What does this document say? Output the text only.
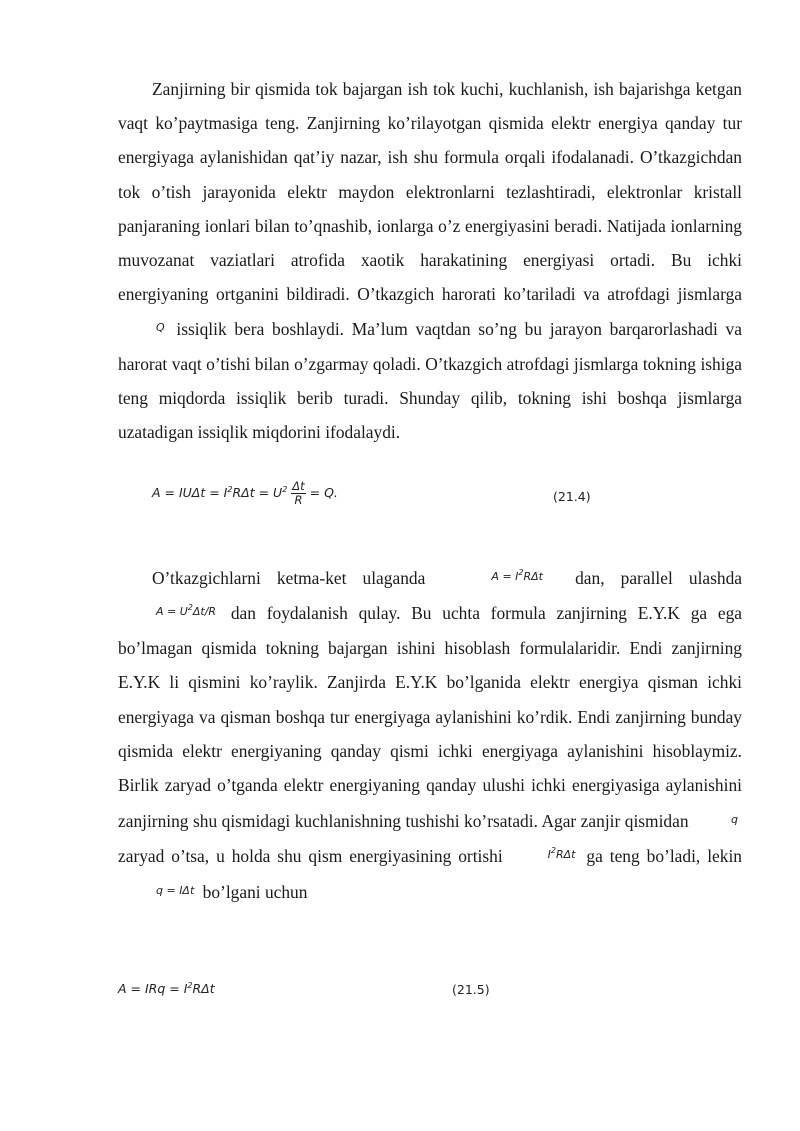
Zanjirning bir qismida tok bajargan ish tok kuchi, kuchlanish, ish bajarishga ketgan vaqt ko’paytmasiga teng. Zanjirning ko’rilayotgan qismida elektr energiya qanday tur energiyaga aylanishidan qat’iy nazar, ish shu formula orqali ifodalanadi. O’tkazgichdan tok o’tish jarayonida elektr maydon elektronlarni tezlashtiradi, elektronlar kristall panjaraning ionlari bilan to’qnashib, ionlarga o’z energiyasini beradi. Natijada ionlarning muvozanat vaziatlari atrofida xaotik harakatining energiyasi ortadi. Bu ichki energiyaning ortganini bildiradi. O’tkazgich harorati ko’tariladi va atrofdagi jismlarga Q issiqlik bera boshlaydi. Ma’lum vaqtdan so’ng bu jarayon barqarorlashadi va harorat vaqt o’tishi bilan o’zgarmay qoladi. O’tkazgich atrofdagi jismlarga tokning ishiga teng miqdorda issiqlik berib turadi. Shunday qilib, tokning ishi boshqa jismlarga uzatadigan issiqlik miqdorini ifodalaydi.

$A = IU\Delta t = I^2R\Delta t = U^2 \frac{\Delta t}{R} = Q$.	(21.4)

O’tkazgichlarni ketma-ket ulaganda	$A = I^2R\Delta t$ dan, parallel ulashda $A = U^2\Delta t/R$ dan foydalanish qulay. Bu uchta formula zanjirning E.Y.K ga ega bo’lmagan qismida tokning bajargan ishini hisoblash formulalaridir. Endi zanjirning E.Y.K li qismini ko’raylik. Zanjirda E.Y.K bo’lganida elektr energiya qisman ichki energiyaga va qisman boshqa tur energiyaga aylanishini ko’rdik. Endi zanjirning bunday qismida elektr energiyaning qanday qismi ichki energiyaga aylanishini hisoblaymiz. Birlik zaryad o’tganda elektr energiyaning qanday ulushi ichki energiyasiga aylanishini zanjirning shu qismidagi kuchlanishning tushishi ko’rsatadi. Agar zanjir qismidan	q zaryad o’tsa, u holda shu qism energiyasining ortishi	$I^2R\Delta t$ ga teng bo’ladi, lekin q = IΔt bo’lgani uchun

A = IRq = $I^2R\Delta t$	(21.5)
